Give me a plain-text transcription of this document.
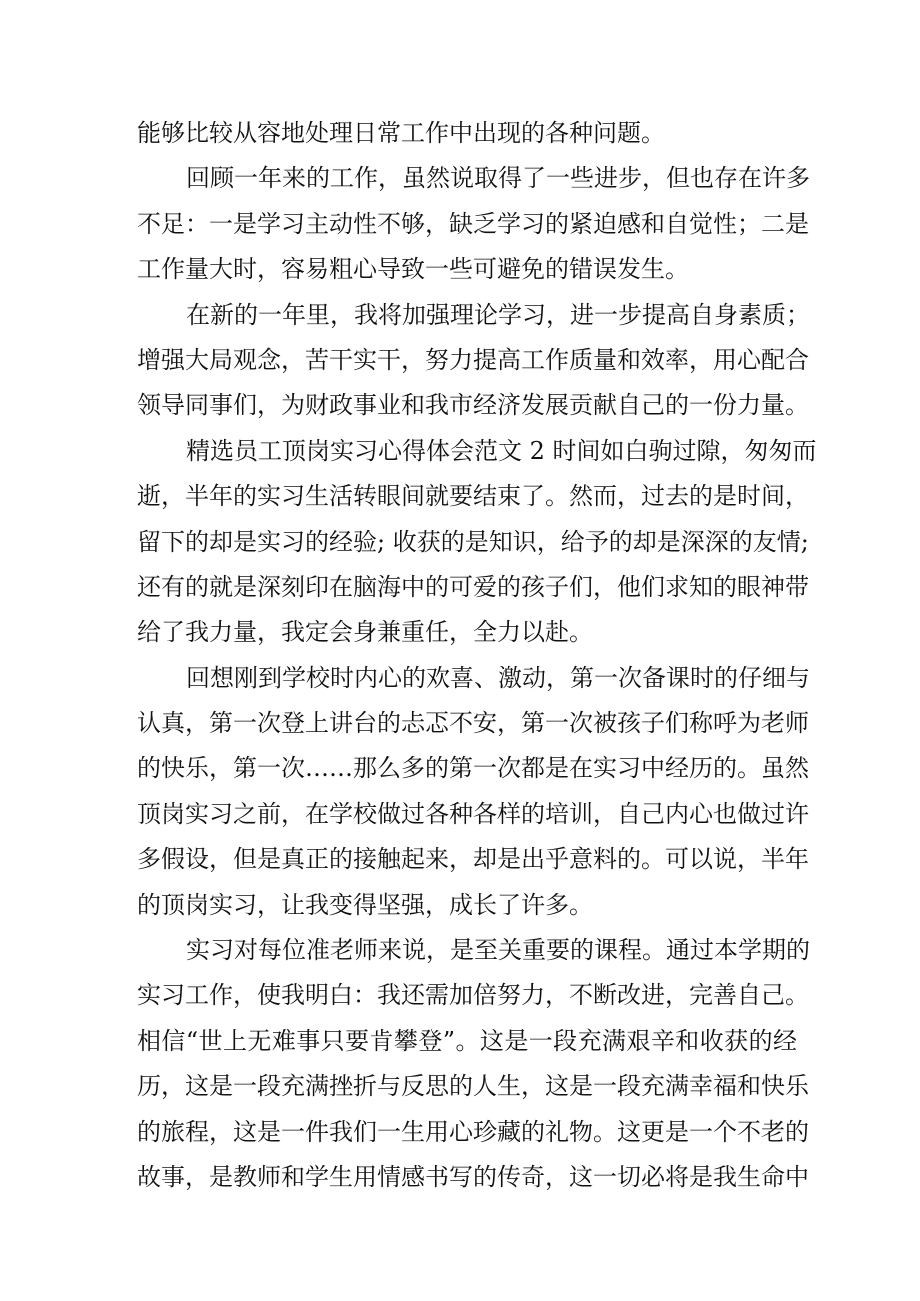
能够比较从容地处理日常工作中出现的各种问题。
回顾一年来的工作，虽然说取得了一些进步，但也存在许多
不足：一是学习主动性不够，缺乏学习的紧迫感和自觉性；二是
工作量大时，容易粗心导致一些可避免的错误发生。
在新的一年里，我将加强理论学习，进一步提高自身素质；
增强大局观念，苦干实干，努力提高工作质量和效率，用心配合
领导同事们，为财政事业和我市经济发展贡献自己的一份力量。
精选员工顶岗实习心得体会范文 2 时间如白驹过隙，匆匆而
逝，半年的实习生活转眼间就要结束了。然而，过去的是时间，
留下的却是实习的经验; 收获的是知识，给予的却是深深的友情;
还有的就是深刻印在脑海中的可爱的孩子们，他们求知的眼神带
给了我力量，我定会身兼重任，全力以赴。
回想刚到学校时内心的欢喜、激动，第一次备课时的仔细与
认真，第一次登上讲台的忐忑不安，第一次被孩子们称呼为老师
的快乐，第一次……那么多的第一次都是在实习中经历的。虽然
顶岗实习之前，在学校做过各种各样的培训，自己内心也做过许
多假设，但是真正的接触起来，却是出乎意料的。可以说，半年
的顶岗实习，让我变得坚强，成长了许多。
实习对每位准老师来说，是至关重要的课程。通过本学期的
实习工作，使我明白：我还需加倍努力，不断改进，完善自己。
相信“世上无难事只要肯攀登”。这是一段充满艰辛和收获的经
历，这是一段充满挫折与反思的人生，这是一段充满幸福和快乐
的旅程，这是一件我们一生用心珍藏的礼物。这更是一个不老的
故事，是教师和学生用情感书写的传奇，这一切必将是我生命中
